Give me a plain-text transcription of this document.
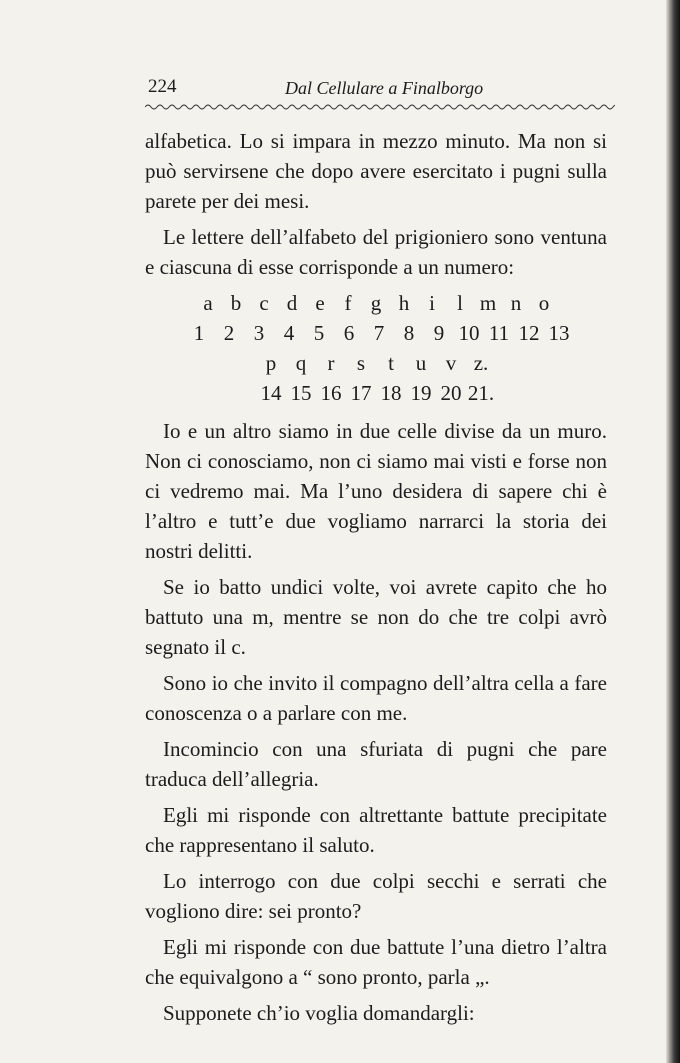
224	Dal Cellulare a Finalborgo

alfabetica. Lo si impara in mezzo minuto. Ma non si può servirsene che dopo avere esercitato i pugni sulla parete per dei mesi.

Le lettere dell’alfabeto del prigioniero sono ventuna e ciascuna di esse corrisponde a un numero:

a b c d e f g h i	l m n o
1 2 3 4 5 6 7 8 9 10 11 12 13
p q	r	s	t	u v z.
14 15 16 17 18 19 20 21.

Io e un altro siamo in due celle divise da un muro. Non ci conosciamo, non ci siamo mai visti e forse non ci vedremo mai. Ma l’uno desidera di sapere chi è l’altro e tutt’e due vogliamo narrarci la storia dei nostri delitti.

Se io batto undici volte, voi avrete capito che ho battuto una m, mentre se non do che tre colpi avrò segnato il c.

Sono io che invito il compagno dell’altra cella a fare conoscenza o a parlare con me.

Incomincio con una sfuriata di pugni che pare traduca dell’allegria.

Egli mi risponde con altrettante battute precipitate che rappresentano il saluto.

Lo interrogo con due colpi secchi e serrati che vogliono dire: sei pronto?

Egli mi risponde con due battute l’una dietro l’altra che equivalgono a “ sono pronto, parla „.

Supponete ch’io voglia domandargli:
